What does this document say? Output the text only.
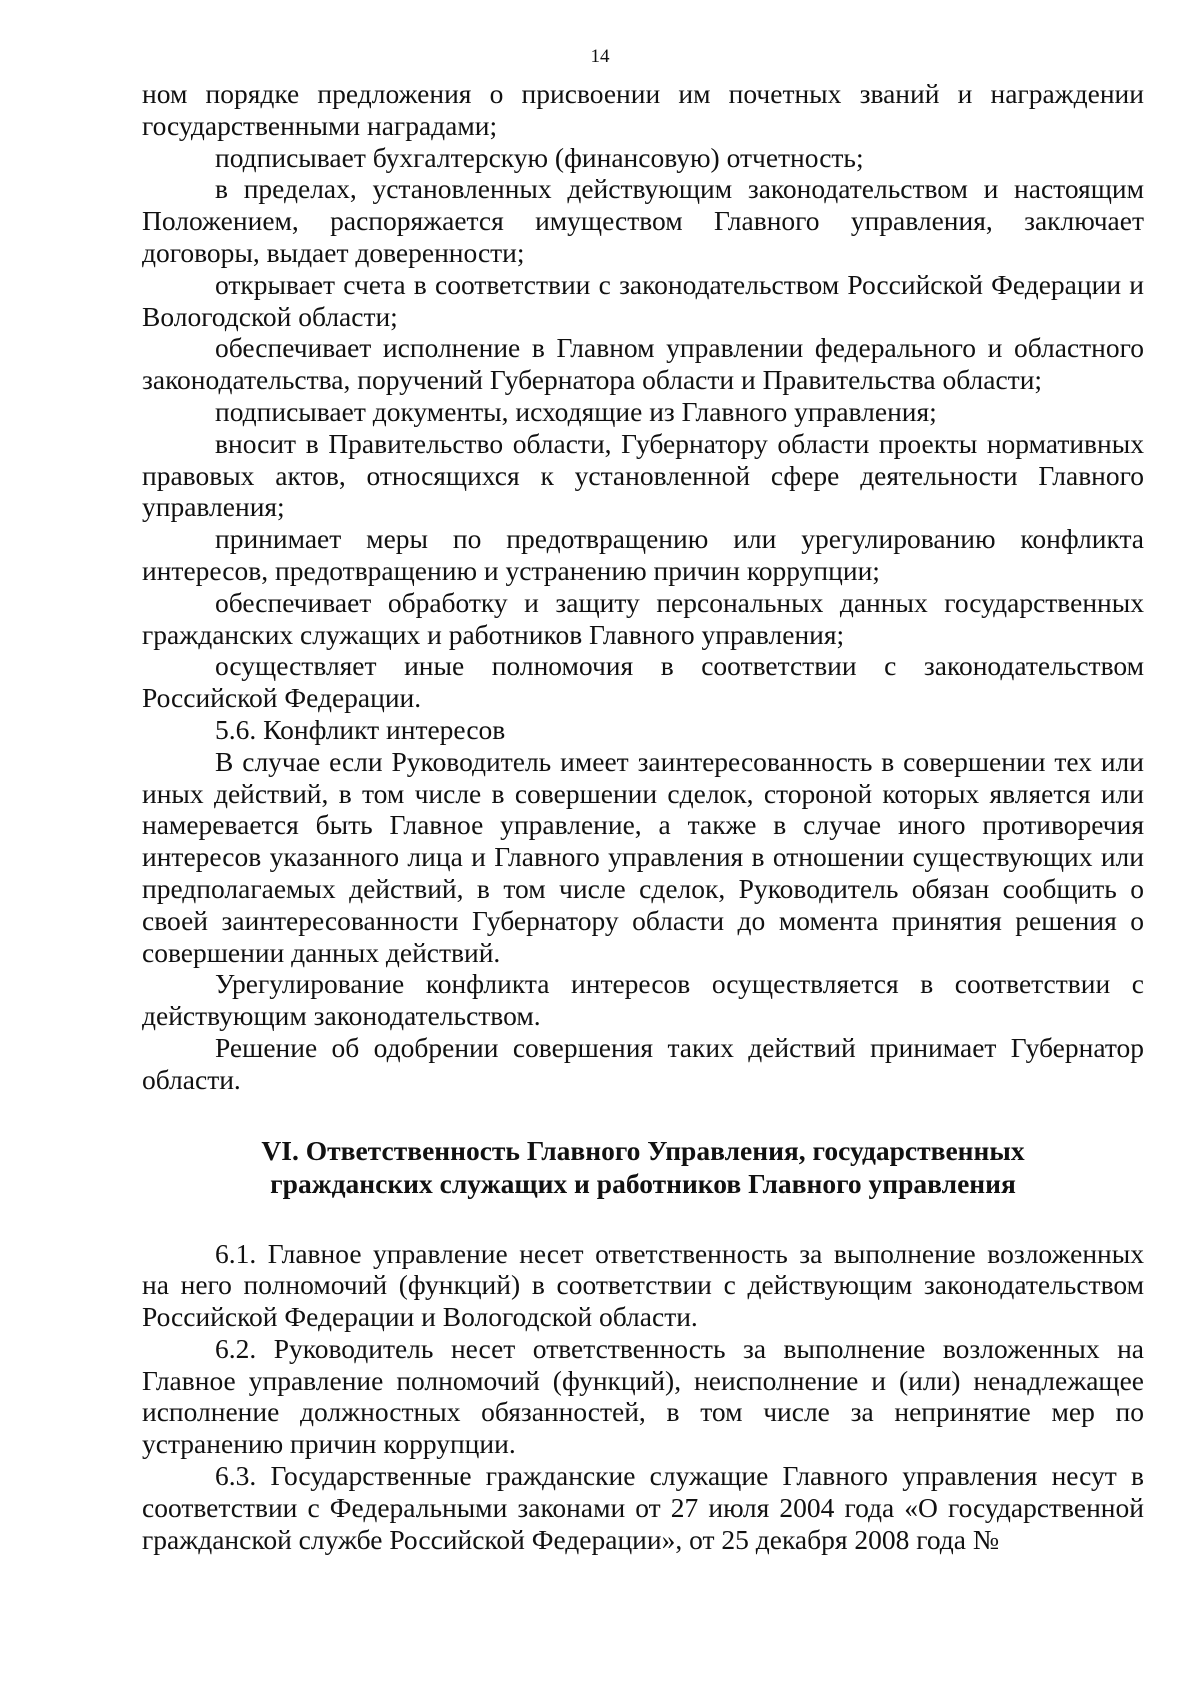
14

ном порядке предложения о присвоении им почетных званий и награждении государственными наградами;

подписывает бухгалтерскую (финансовую) отчетность;

в пределах, установленных действующим законодательством и настоящим Положением, распоряжается имуществом Главного управления, заключает договоры, выдает доверенности;

открывает счета в соответствии с законодательством Российской Федерации и Вологодской области;

обеспечивает исполнение в Главном управлении федерального и областного законодательства, поручений Губернатора области и Правительства области;

подписывает документы, исходящие из Главного управления;

вносит в Правительство области, Губернатору области проекты нормативных правовых актов, относящихся к установленной сфере деятельности Главного управления;

принимает меры по предотвращению или урегулированию конфликта интересов, предотвращению и устранению причин коррупции;

обеспечивает обработку и защиту персональных данных государственных гражданских служащих и работников Главного управления;

осуществляет иные полномочия в соответствии с законодательством Российской Федерации.

5.6. Конфликт интересов

В случае если Руководитель имеет заинтересованность в совершении тех или иных действий, в том числе в совершении сделок, стороной которых является или намеревается быть Главное управление, а также в случае иного противоречия интересов указанного лица и Главного управления в отношении существующих или предполагаемых действий, в том числе сделок, Руководитель обязан сообщить о своей заинтересованности Губернатору области до момента принятия решения о совершении данных действий.

Урегулирование конфликта интересов осуществляется в соответствии с действующим законодательством.

Решение об одобрении совершения таких действий принимает Губернатор области.

VI. Ответственность Главного Управления, государственных
гражданских служащих и работников Главного управления

6.1. Главное управление несет ответственность за выполнение возложенных на него полномочий (функций) в соответствии с действующим законодательством Российской Федерации и Вологодской области.

6.2. Руководитель несет ответственность за выполнение возложенных на Главное управление полномочий (функций), неисполнение и (или) ненадлежащее исполнение должностных обязанностей, в том числе за непринятие мер по устранению причин коррупции.

6.3. Государственные гражданские служащие Главного управления несут в соответствии с Федеральными законами от 27 июля 2004 года «О государственной гражданской службе Российской Федерации», от 25 декабря 2008 года №
